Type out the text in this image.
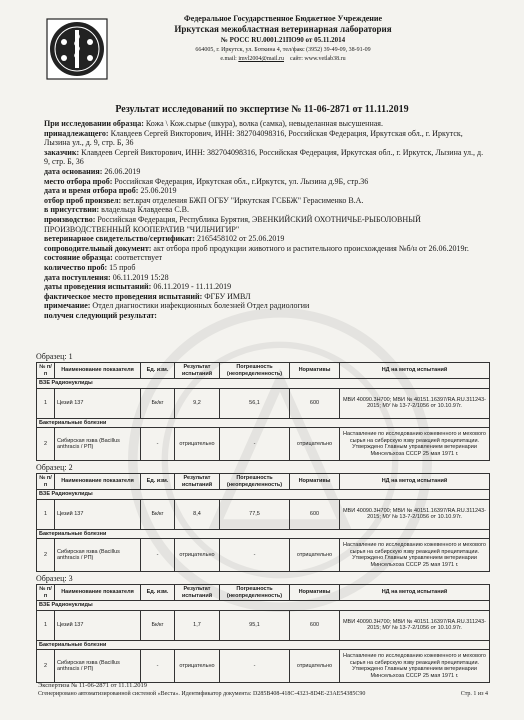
Федеральное Государственное Бюджетное Учреждение
Иркутская межобластная ветеринарная лаборатория
№ РОСС RU.0001.21ПО90 от 05.11.2014
664005, г. Иркутск, ул. Боткина 4, тел/факс (3952) 39-49-09, 38-91-09
e.mail: imvl2004@mail.ru сайт: www.vetlab38.ru
Результат исследований по экспертизе № 11-06-2871 от 11.11.2019

При исследовании образца: Кожа \ Кож.сырье (шкура), волка (самка), невыделанная высушенная.

принадлежащего: Клавдеев Сергей Викторович, ИНН: 382704098316, Российская Федерация, Иркутская обл., г. Иркутск, Лызина ул., д. 9, стр. Б, 36

заказчик: Клавдеев Сергей Викторович, ИНН: 382704098316, Российская Федерация, Иркутская обл., г. Иркутск, Лызина ул., д. 9, стр. Б, 36

дата основания: 26.06.2019

место отбора проб: Российская Федерация, Иркутская обл., г.Иркутск, ул. Лызина д.9Б, стр.36

дата и время отбора проб: 25.06.2019

отбор проб произвел: вет.врач отделения БЖП ОГБУ "Иркутская ГСББЖ" Герасименко В.А.

в присутствии: владельца Клавдеева С.В.

производство: Российская Федерация, Республика Бурятия, ЭВЕНКИЙСКИЙ ОХОТНИЧЬЕ-РЫБОЛОВНЫЙ ПРОИЗВОДСТВЕННЫЙ КООПЕРАТИВ "ЧИЛЬЧИГИР"

ветеринарное свидетельство/сертификат: 2165458102 от 25.06.2019

сопроводительный документ: акт отбора проб продукции животного и растительного происхождения №б/н от 26.06.2019г.

состояние образца: соответствует

количество проб: 15 проб

дата поступления: 06.11.2019 15:28

даты проведения испытаний: 06.11.2019 - 11.11.2019

фактическое место проведения испытаний: ФГБУ ИМВЛ

примечание: Отдел диагностики инфекционных болезней Отдел радиологии

получен следующий результат:

Образец: 1
№ п/п	Наименование показателя	Ед. изм.	Результат испытаний	Погрешность (неопределенность)	Нормативы	НД на метод испытаний
ВЗЕ Радионуклиды						
1	Цезий 137	Бк/кг	9,2	56,1	600	МВИ 40090.3Н700; МВИ № 40151.16397/RA.RU.311243-2015; МУ № 13-7-2/1056 от 10.10.97г.
Бактериальные болезни						
2	Сибирская язва (Bacillus anthracis / РП)	-	отрицательно	-	отрицательно	Наставление по исследованию кожевенного и мехового сырья на сибирскую язву реакцией преципитации. Утверждено Главным управлением ветеринарии Минсельхоза СССР 25 мая 1971 г.
Образец: 2
№ п/п	Наименование показателя	Ед. изм.	Результат испытаний	Погрешность (неопределенность)	Нормативы	НД на метод испытаний
ВЗЕ Радионуклиды						
1	Цезий 137	Бк/кг	8,4	77,5	600	МВИ 40090.3Н700; МВИ № 40151.16397/RA.RU.311243-2015; МУ № 13-7-2/1056 от 10.10.97г.
Бактериальные болезни						
2	Сибирская язва (Bacillus anthracis / РП)	-	отрицательно	-	отрицательно	Наставление по исследованию кожевенного и мехового сырья на сибирскую язву реакцией преципитации. Утверждено Главным управлением ветеринарии Минсельхоза СССР 25 мая 1971 г.
Образец: 3
№ п/п	Наименование показателя	Ед. изм.	Результат испытаний	Погрешность (неопределенность)	Нормативы	НД на метод испытаний
ВЗЕ Радионуклиды						
1	Цезий 137	Бк/кг	1,7	95,1	600	МВИ 40090.3Н700; МВИ № 40151.16397/RA.RU.311243-2015; МУ № 13-7-2/1056 от 10.10.97г.
Бактериальные болезни						
2	Сибирская язва (Bacillus anthracis / РП)	-	отрицательно	-	отрицательно	Наставление по исследованию кожевенного и мехового сырья на сибирскую язву реакцией преципитации. Утверждено Главным управлением ветеринарии Минсельхоза СССР 25 мая 1971 г.
Экспертиза № 11-06-2871 от 11.11.2019
Сгенерировано автоматизированной системой «Веста». Идентификатор документа: D285B408-418C-4323-8D4E-23AE54385C90	Стр. 1 из 4
